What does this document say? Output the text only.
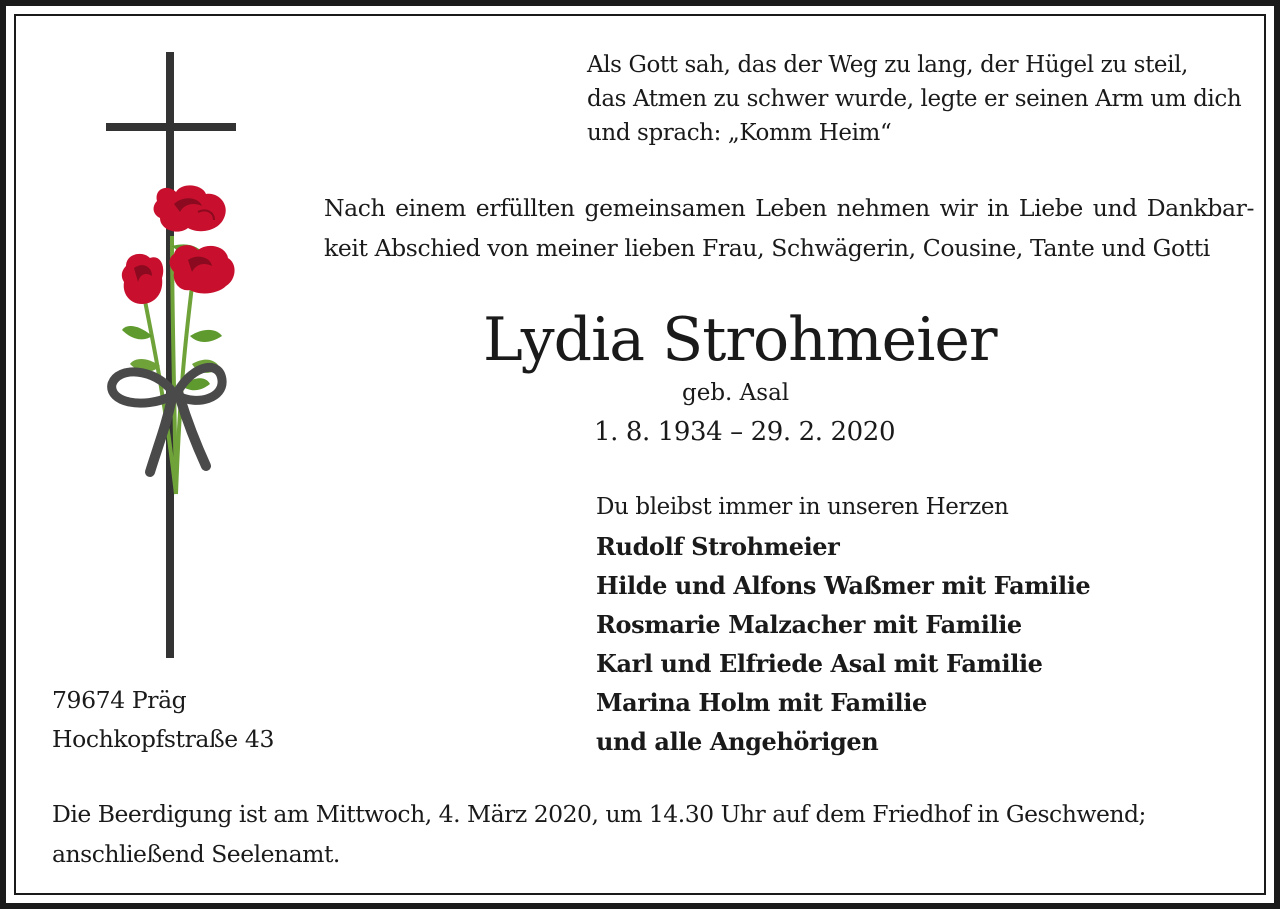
Als Gott sah, das der Weg zu lang, der Hügel zu steil,
das Atmen zu schwer wurde, legte er seinen Arm um dich
und sprach: „Komm Heim“
Nach einem erfüllten gemeinsamen Leben nehmen wir in Liebe und Dankbar-
keit Abschied von meiner lieben Frau, Schwägerin, Cousine, Tante und Gotti
Lydia Strohmeier
geb. Asal
1. 8. 1934 – 29. 2. 2020
Du bleibst immer in unseren Herzen
Rudolf Strohmeier
Hilde und Alfons Waßmer mit Familie
Rosmarie Malzacher mit Familie
Karl und Elfriede Asal mit Familie
Marina Holm mit Familie
und alle Angehörigen
79674 Präg
Hochkopfstraße 43
Die Beerdigung ist am Mittwoch, 4. März 2020, um 14.30 Uhr auf dem Friedhof in Geschwend;
anschließend Seelenamt.
